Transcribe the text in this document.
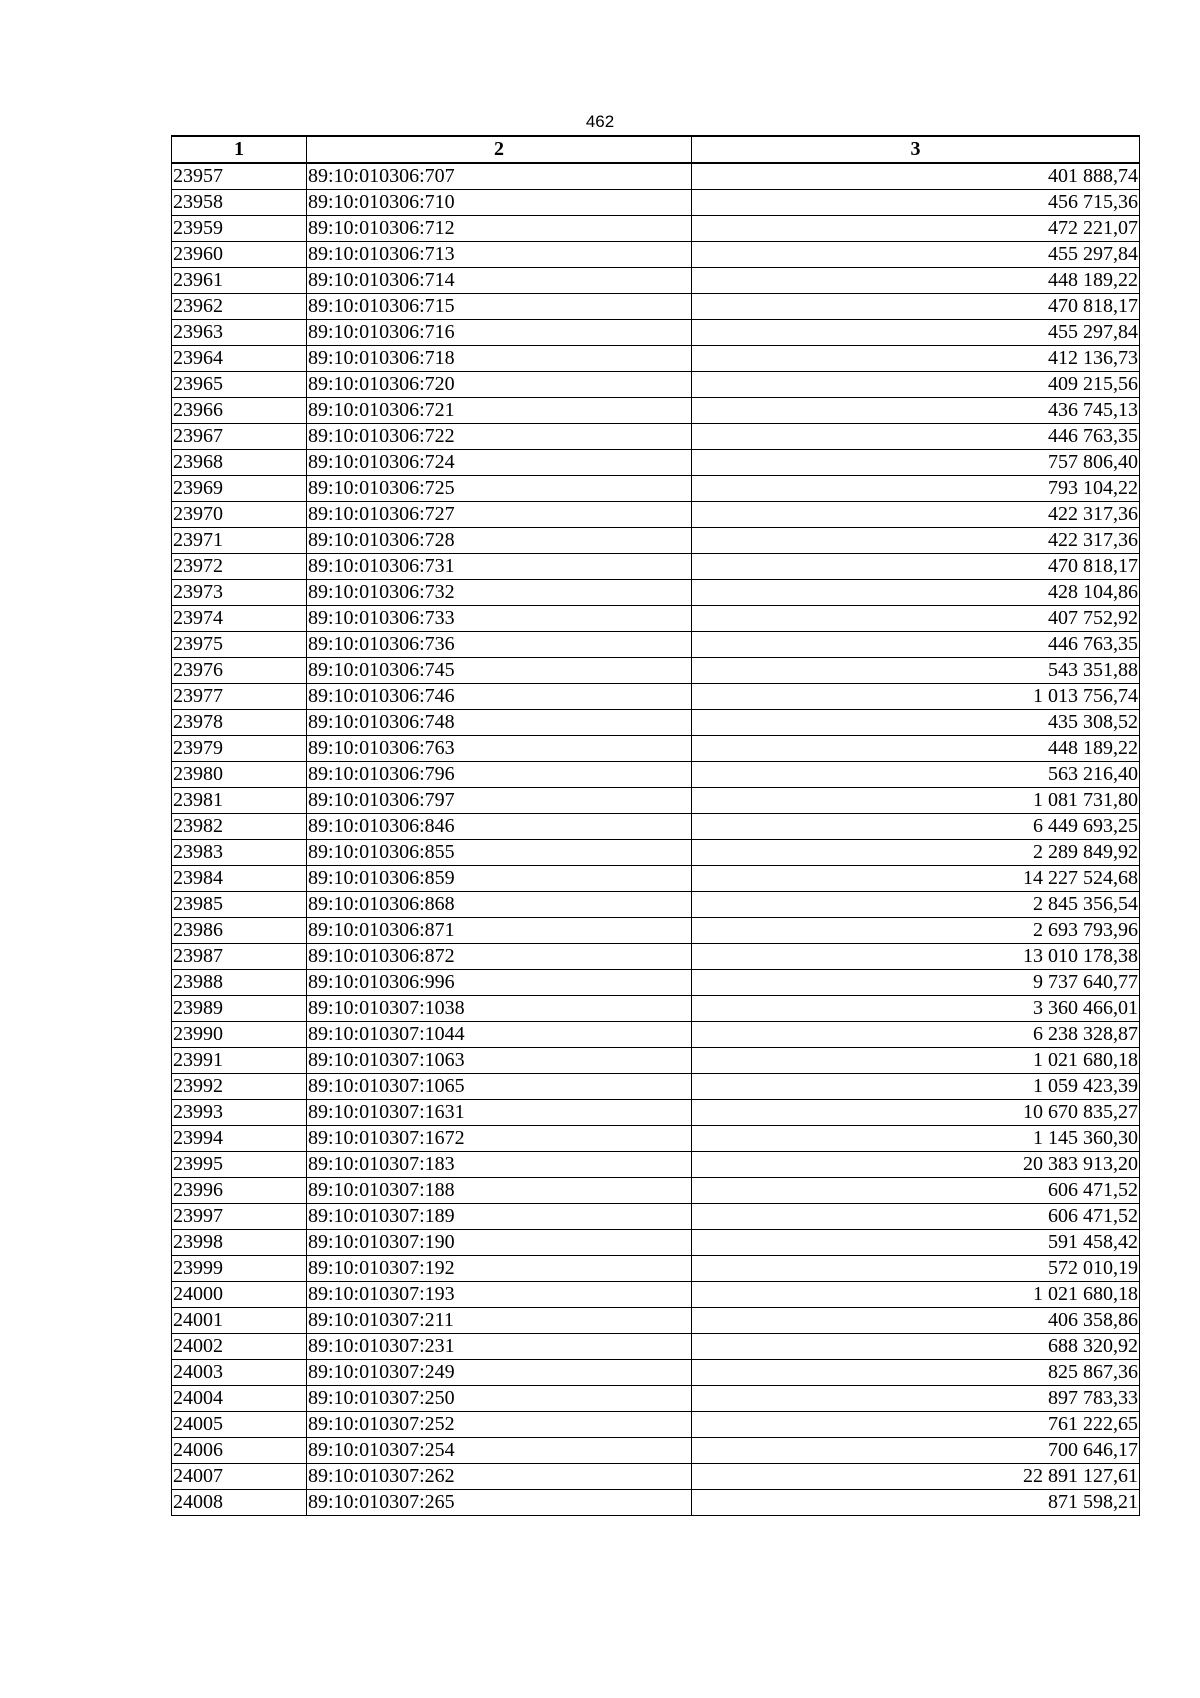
462
1	2	3
23957	89:10:010306:707	401 888,74
23958	89:10:010306:710	456 715,36
23959	89:10:010306:712	472 221,07
23960	89:10:010306:713	455 297,84
23961	89:10:010306:714	448 189,22
23962	89:10:010306:715	470 818,17
23963	89:10:010306:716	455 297,84
23964	89:10:010306:718	412 136,73
23965	89:10:010306:720	409 215,56
23966	89:10:010306:721	436 745,13
23967	89:10:010306:722	446 763,35
23968	89:10:010306:724	757 806,40
23969	89:10:010306:725	793 104,22
23970	89:10:010306:727	422 317,36
23971	89:10:010306:728	422 317,36
23972	89:10:010306:731	470 818,17
23973	89:10:010306:732	428 104,86
23974	89:10:010306:733	407 752,92
23975	89:10:010306:736	446 763,35
23976	89:10:010306:745	543 351,88
23977	89:10:010306:746	1 013 756,74
23978	89:10:010306:748	435 308,52
23979	89:10:010306:763	448 189,22
23980	89:10:010306:796	563 216,40
23981	89:10:010306:797	1 081 731,80
23982	89:10:010306:846	6 449 693,25
23983	89:10:010306:855	2 289 849,92
23984	89:10:010306:859	14 227 524,68
23985	89:10:010306:868	2 845 356,54
23986	89:10:010306:871	2 693 793,96
23987	89:10:010306:872	13 010 178,38
23988	89:10:010306:996	9 737 640,77
23989	89:10:010307:1038	3 360 466,01
23990	89:10:010307:1044	6 238 328,87
23991	89:10:010307:1063	1 021 680,18
23992	89:10:010307:1065	1 059 423,39
23993	89:10:010307:1631	10 670 835,27
23994	89:10:010307:1672	1 145 360,30
23995	89:10:010307:183	20 383 913,20
23996	89:10:010307:188	606 471,52
23997	89:10:010307:189	606 471,52
23998	89:10:010307:190	591 458,42
23999	89:10:010307:192	572 010,19
24000	89:10:010307:193	1 021 680,18
24001	89:10:010307:211	406 358,86
24002	89:10:010307:231	688 320,92
24003	89:10:010307:249	825 867,36
24004	89:10:010307:250	897 783,33
24005	89:10:010307:252	761 222,65
24006	89:10:010307:254	700 646,17
24007	89:10:010307:262	22 891 127,61
24008	89:10:010307:265	871 598,21
